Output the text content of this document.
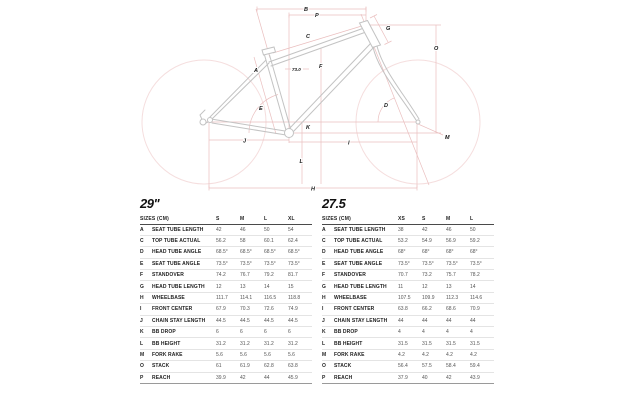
B
P
C
G
O
A
F
73.0
E	D
K
J	I
M
L
H
29"
SIZES (CM)	S	M	L	XL
A	SEAT TUBE LENGTH	42	46	50	54
C	TOP TUBE ACTUAL	56.2	58	60.1	62.4
D	HEAD TUBE ANGLE	68.5°	68.5°	68.5°	68.5°
E	SEAT TUBE ANGLE	73.5°	73.5°	73.5°	73.5°
F	STANDOVER	74.2	76.7	79.2	81.7
G	HEAD TUBE LENGTH	12	13	14	15
H	WHEELBASE	111.7	114.1	116.5	118.8
I	FRONT CENTER	67.9	70.3	72.6	74.9
J	CHAIN STAY LENGTH	44.5	44.5	44.5	44.5
K	BB DROP	6	6	6	6
L	BB HEIGHT	31.2	31.2	31.2	31.2
M	FORK RAKE	5.6	5.6	5.6	5.6
O	STACK	61	61.9	62.8	63.8
P	REACH	39.9	42	44	45.9
27.5
SIZES (CM)	XS	S	M	L
A	SEAT TUBE LENGTH	38	42	46	50
C	TOP TUBE ACTUAL	53.2	54.9	56.9	59.2
D	HEAD TUBE ANGLE	68°	68°	68°	68°
E	SEAT TUBE ANGLE	73.5°	73.5°	73.5°	73.5°
F	STANDOVER	70.7	73.2	75.7	78.2
G	HEAD TUBE LENGTH	11	12	13	14
H	WHEELBASE	107.5	109.9	112.3	114.6
I	FRONT CENTER	63.8	66.2	68.6	70.9
J	CHAIN STAY LENGTH	44	44	44	44
K	BB DROP	4	4	4	4
L	BB HEIGHT	31.5	31.5	31.5	31.5
M	FORK RAKE	4.2	4.2	4.2	4.2
O	STACK	56.4	57.5	58.4	59.4
P	REACH	37.9	40	42	43.9
